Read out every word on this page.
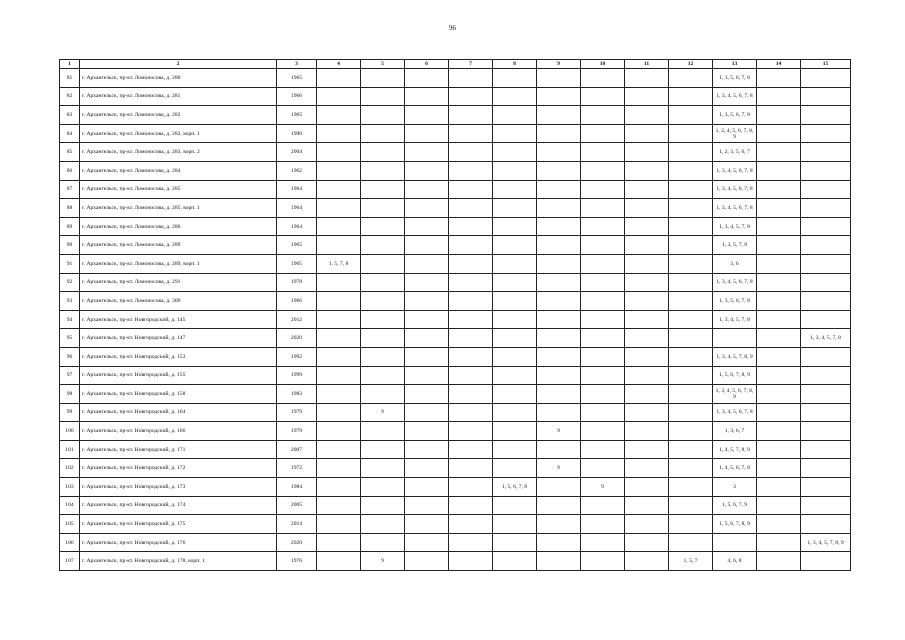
96
1	2	3	4	5	6	7	8	9	10	11	12	13	14	15
81	г. Архангельск, пр-кт. Ломоносова, д. 280	1965										1, 3, 5, 6, 7, 8		
82	г. Архангельск, пр-кт. Ломоносова, д. 281	1966										1, 3, 4, 5, 6, 7, 8		
83	г. Архангельск, пр-кт. Ломоносова, д. 282	1965										1, 3, 5, 6, 7, 8		
84	г. Архангельск, пр-кт. Ломоносова, д. 282, корп. 1	1990										1, 2, 4, 5, 6, 7, 8, 9		
85	г. Архангельск, пр-кт. Ломоносова, д. 283, корп. 2	2004										1, 2, 3, 5, 6, 7		
86	г. Архангельск, пр-кт. Ломоносова, д. 284	1962										1, 3, 4, 5, 6, 7, 8		
87	г. Архангельск, пр-кт. Ломоносова, д. 285	1964										1, 3, 4, 5, 6, 7, 8		
88	г. Архангельск, пр-кт. Ломоносова, д. 285, корп. 1	1964										1, 3, 4, 5, 6, 7, 8		
89	г. Архангельск, пр-кт. Ломоносова, д. 286	1964										1, 3, 4, 5, 7, 8		
90	г. Архангельск, пр-кт. Ломоносова, д. 289	1965										1, 3, 5, 7, 8		
91	г. Архангельск, пр-кт. Ломоносова, д. 289, корп. 1	1965	1, 5, 7, 8									3, 6		
92	г. Архангельск, пр-кт. Ломоносова, д. 291	1978										1, 3, 4, 5, 6, 7, 8		
93	г. Архангельск, пр-кт. Ломоносова, д. 309	1966										1, 3, 5, 6, 7, 8		
94	г. Архангельск, пр-кт. Новгородский, д. 145	2012										1, 3, 4, 5, 7, 8		
95	г. Архангельск, пр-кт. Новгородский, д. 147	2020												1, 3, 4, 5, 7, 8
96	г. Архангельск, пр-кт. Новгородский, д. 153	1992										1, 3, 4, 5, 7, 8, 9		
97	г. Архангельск, пр-кт. Новгородский, д. 155	1999										1, 5, 6, 7, 8, 9		
98	г. Архангельск, пр-кт. Новгородский, д. 158	1983										1, 3, 4, 5, 6, 7, 8, 9		
99	г. Архангельск, пр-кт. Новгородский, д. 164	1979		9								1, 3, 4, 5, 6, 7, 8		
100	г. Архангельск, пр-кт. Новгородский, д. 166	1979						9				1, 3, 6, 7		
101	г. Архангельск, пр-кт. Новгородский, д. 171	2007										1, 4, 5, 7, 8, 9		
102	г. Архангельск, пр-кт. Новгородский, д. 172	1972						9				1, 4, 5, 6, 7, 8		
103	г. Архангельск, пр-кт. Новгородский, д. 173	1984					1, 5, 6, 7, 8		9			3		
104	г. Архангельск, пр-кт. Новгородский, д. 174	2005										1, 5, 6, 7, 9		
105	г. Архангельск, пр-кт. Новгородский, д. 175	2014										1, 5, 6, 7, 8, 9		
106	г. Архангельск, пр-кт. Новгородский, д. 176	2020												1, 3, 4, 5, 7, 8, 9
107	г. Архангельск, пр-кт. Новгородский, д. 178, корп. 1	1976		9							1, 5, 7	4, 6, 8		
